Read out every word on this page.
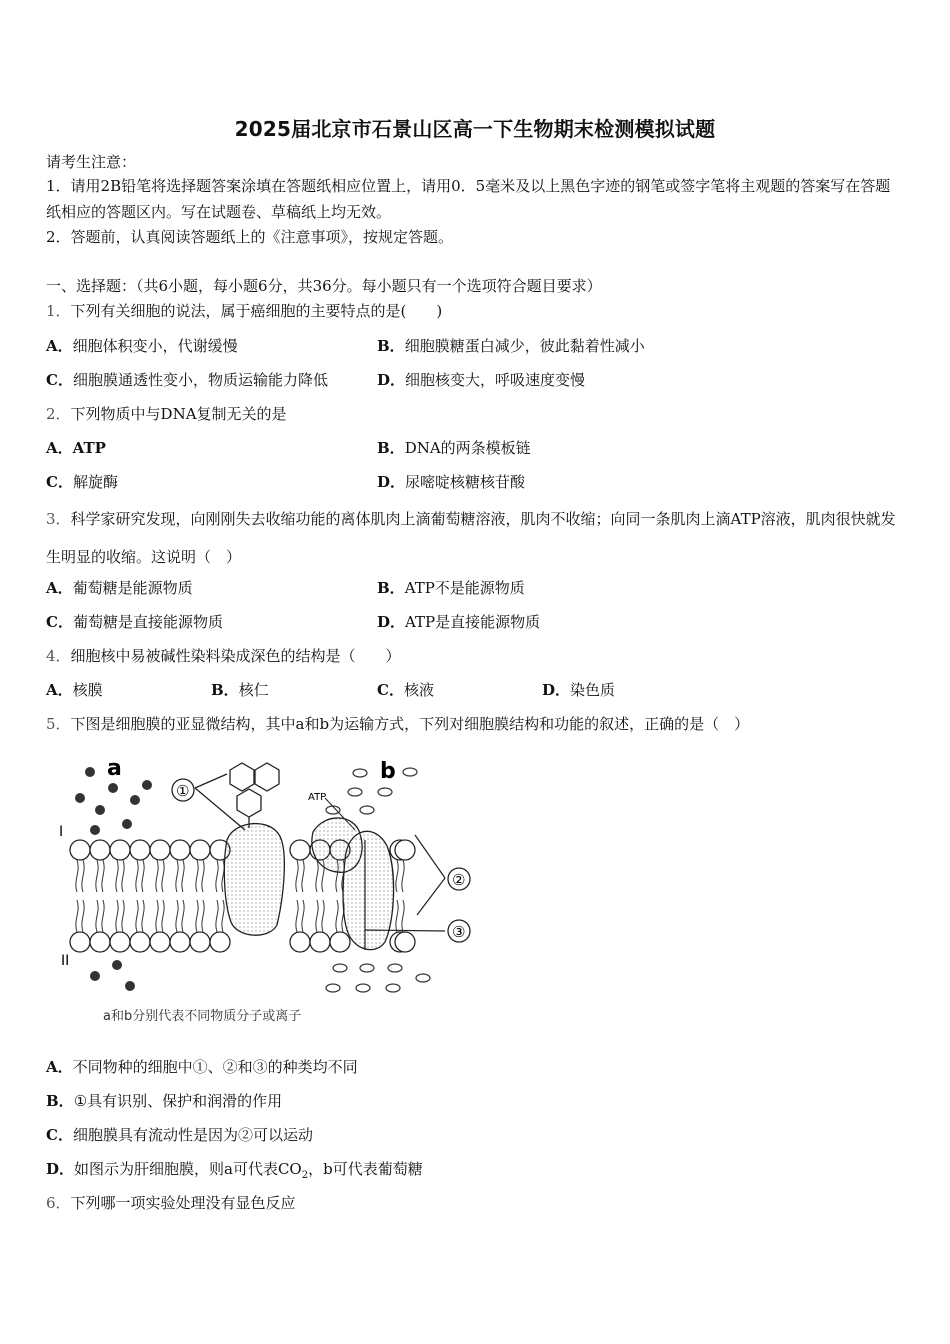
2025届北京市石景山区高一下生物期末检测模拟试题
请考生注意：
1．请用2B铅笔将选择题答案涂填在答题纸相应位置上，请用0．5毫米及以上黑色字迹的钢笔或签字笔将主观题的答案写在答题纸相应的答题区内。写在试题卷、草稿纸上均无效。
2．答题前，认真阅读答题纸上的《注意事项》，按规定答题。
一、选择题：（共6小题，每小题6分，共36分。每小题只有一个选项符合题目要求）
1．下列有关细胞的说法，属于癌细胞的主要特点的是(　　)
A．细胞体积变小，代谢缓慢	B．细胞膜糖蛋白减少，彼此黏着性减小
C．细胞膜通透性变小，物质运输能力降低	D．细胞核变大，呼吸速度变慢
2．下列物质中与DNA复制无关的是
A．ATP	B．DNA的两条模板链
C．解旋酶	D．尿嘧啶核糖核苷酸
3．科学家研究发现，向刚刚失去收缩功能的离体肌肉上滴葡萄糖溶液，肌肉不收缩；向同一条肌肉上滴ATP溶液，肌肉很快就发生明显的收缩。这说明（　）
A．葡萄糖是能源物质	B．ATP不是能源物质
C．葡萄糖是直接能源物质	D．ATP是直接能源物质
4．细胞核中易被碱性染料染成深色的结构是（　　）
A．核膜	B．核仁	C．核液	D．染色质
5．下图是细胞膜的亚显微结构，其中a和b为运输方式，下列对细胞膜结构和功能的叙述，正确的是（　）
a	b
ATP
I
II
①
②
③
a和b分别代表不同物质分子或离子
A．不同物种的细胞中①、②和③的种类均不同
B．①具有识别、保护和润滑的作用
C．细胞膜具有流动性是因为②可以运动
D．如图示为肝细胞膜，则a可代表$CO_2$，b可代表葡萄糖
6．下列哪一项实验处理没有显色反应
